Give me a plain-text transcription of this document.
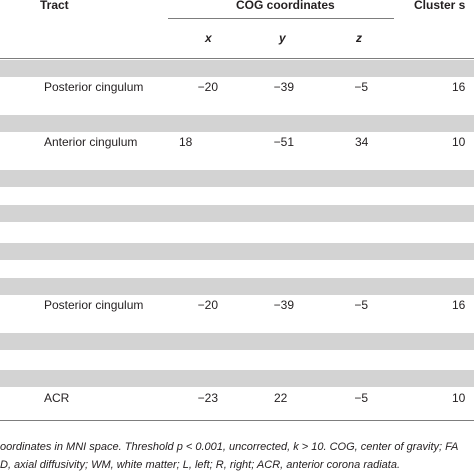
Tract	COG coordinates	Cluster s
x	y	z
Posterior cingulum	−20	−39	−5	16
Anterior cingulum	18	−51	34	10
Posterior cingulum	−20	−39	−5	16
ACR	−23	22	−5	10
oordinates in MNI space. Threshold p < 0.001, uncorrected, k > 10. COG, center of gravity; FA
D, axial diffusivity; WM, white matter; L, left; R, right; ACR, anterior corona radiata.
